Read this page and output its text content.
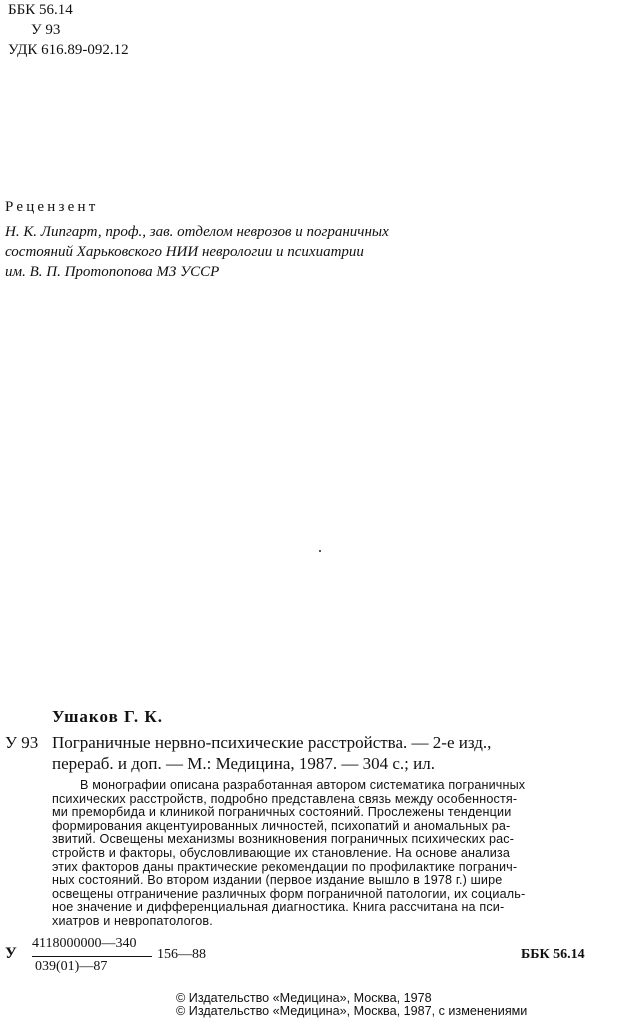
ББК 56.14
У 93
УДК 616.89-092.12
Рецензент
Н. К. Липгарт, проф., зав. отделом неврозов и пограничных
состояний Харьковского НИИ неврологии и психиатрии
им. В. П. Протопопова МЗ УССР
Ушаков Г. К.
У 93 Пограничные нервно-психические расстройства. — 2-е изд.,
перераб. и доп. — М.: Медицина, 1987. — 304 с.; ил.
В монографии описана разработанная автором систематика пограничных
психических расстройств, подробно представлена связь между особенностя-
ми преморбида и клиникой пограничных состояний. Прослежены тенденции
формирования акцентуированных личностей, психопатий и аномальных ра-
звитий. Освещены механизмы возникновения пограничных психических рас-
стройств и факторы, обусловливающие их становление. На основе анализа
этих факторов даны практические рекомендации по профилактике погранич-
ных состояний. Во втором издании (первое издание вышло в 1978 г.) шире
освещены отграничение различных форм пограничной патологии, их социаль-
ное значение и дифференциальная диагностика. Книга рассчитана на пси-
хиатров и невропатологов.
У
4118000000—340
039(01)—87
156—88	ББК 56.14
© Издательство «Медицина», Москва, 1978
© Издательство «Медицина», Москва, 1987, с изменениями
